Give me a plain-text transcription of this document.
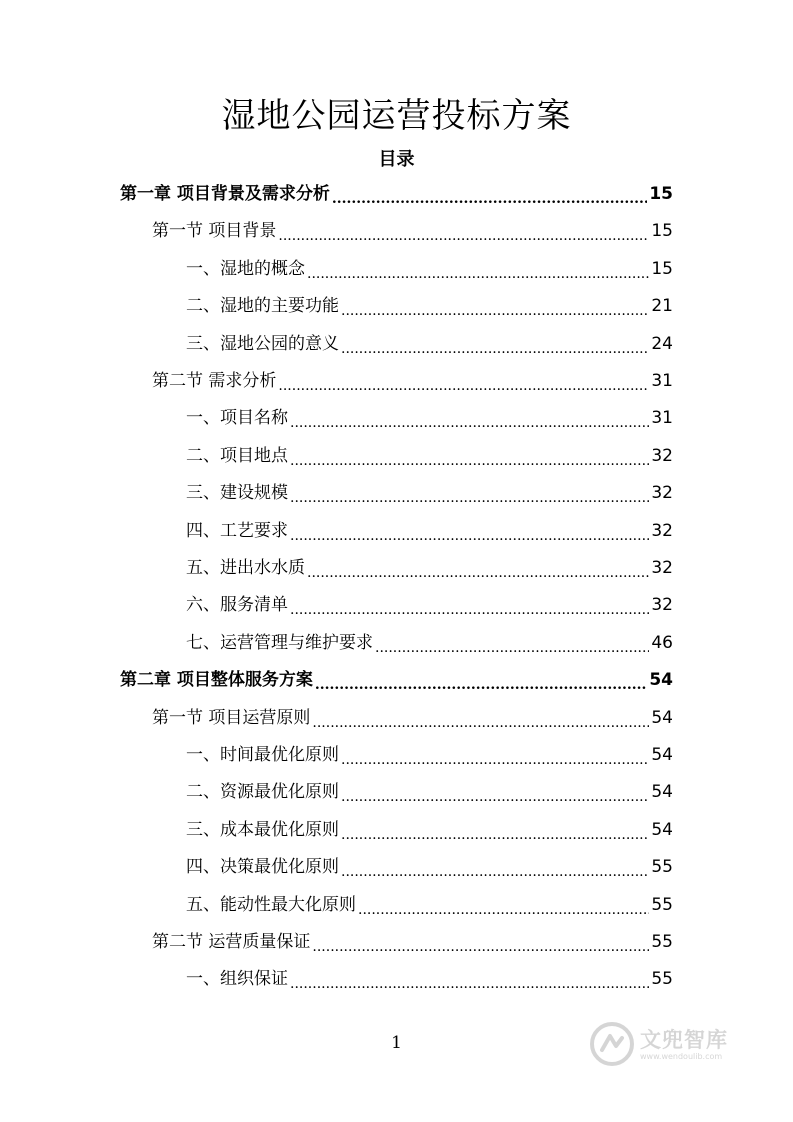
湿地公园运营投标方案
目录
第一章 项目背景及需求分析 .....	15
第一节 项目背景 .....	15
一、湿地的概念 .....	15
二、湿地的主要功能 .....	21
三、湿地公园的意义 .....	24
第二节 需求分析 .....	31
一、项目名称 .....	31
二、项目地点 .....	32
三、建设规模 .....	32
四、工艺要求 .....	32
五、进出水水质 .....	32
六、服务清单 .....	32
七、运营管理与维护要求 .....	46
第二章 项目整体服务方案 .....	54
第一节 项目运营原则 .....	54
一、时间最优化原则 .....	54
二、资源最优化原则 .....	54
三、成本最优化原则 .....	54
四、决策最优化原则 .....	55
五、能动性最大化原则 .....	55
第二节 运营质量保证 .....	55
一、组织保证 .....	55
1	文兜智库
www.wendoulib.com
